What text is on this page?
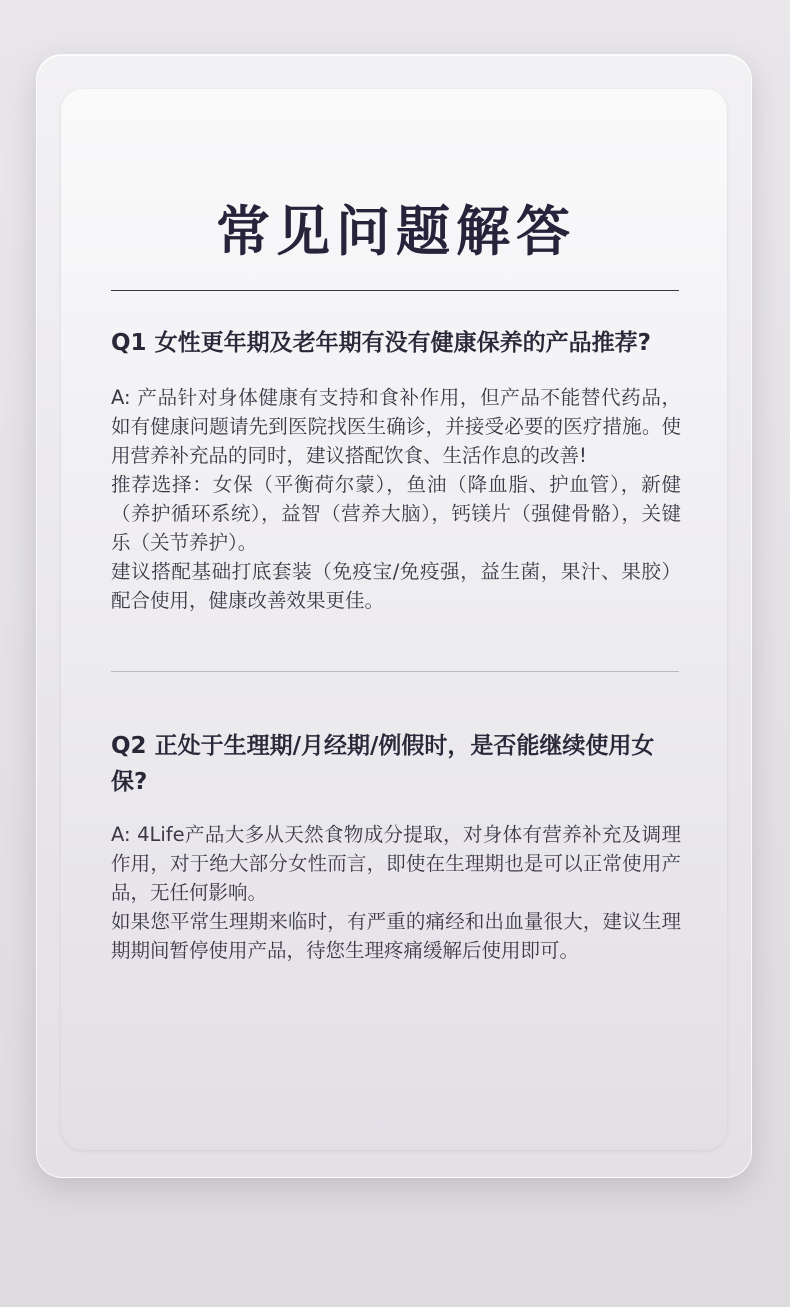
常见问题解答
Q1 女性更年期及老年期有没有健康保养的产品推荐?

A: 产品针对身体健康有支持和食补作用，但产品不能替代药品，如有健康问题请先到医院找医生确诊，并接受必要的医疗措施。使用营养补充品的同时，建议搭配饮食、生活作息的改善!
推荐选择：女保（平衡荷尔蒙），鱼油（降血脂、护血管），新健（养护循环系统），益智（营养大脑），钙镁片（强健骨骼），关键乐（关节养护）。
建议搭配基础打底套装（免疫宝/免疫强，益生菌，果汁、果胶）配合使用，健康改善效果更佳。

Q2 正处于生理期/月经期/例假时，是否能继续使用女保?

A: 4Life产品大多从天然食物成分提取，对身体有营养补充及调理作用，对于绝大部分女性而言，即使在生理期也是可以正常使用产品，无任何影响。
如果您平常生理期来临时，有严重的痛经和出血量很大，建议生理期期间暂停使用产品，待您生理疼痛缓解后使用即可。
